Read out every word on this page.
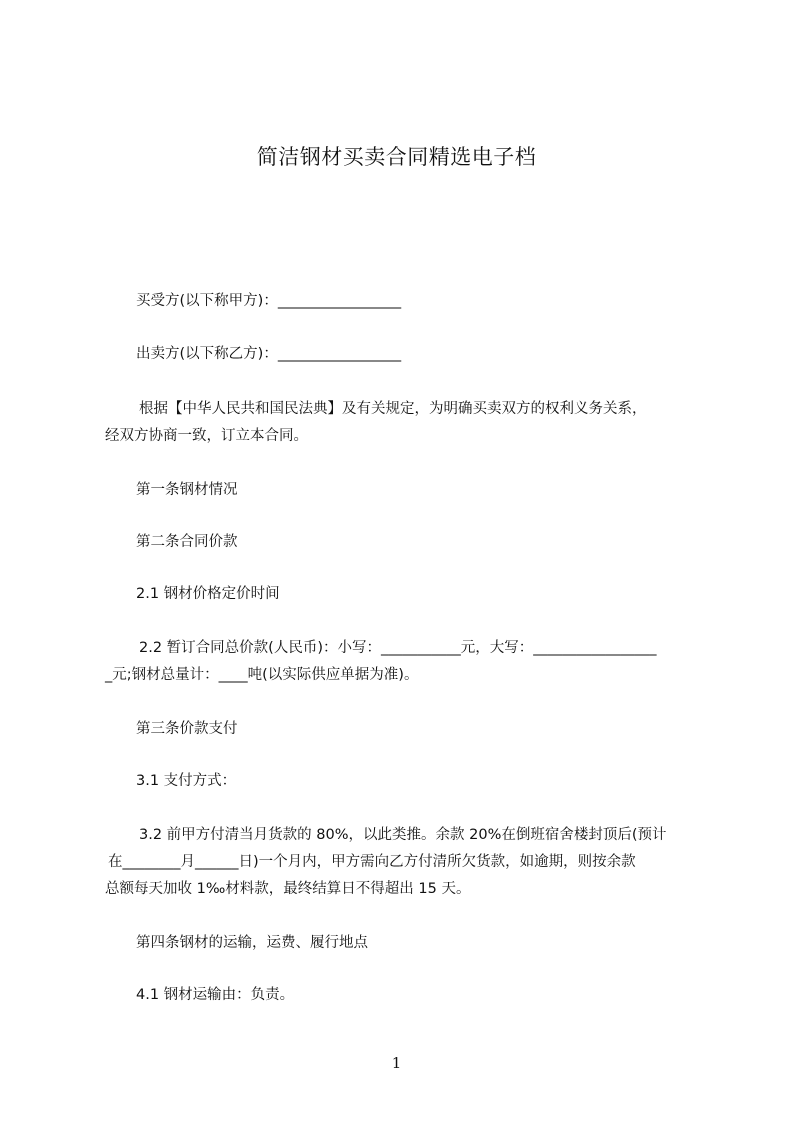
简洁钢材买卖合同精选电子档
买受方(以下称甲方)：_________________
出卖方(以下称乙方)：_________________
根据【中华人民共和国民法典】及有关规定，为明确买卖双方的权利义务关系，
经双方协商一致，订立本合同。
第一条钢材情况
第二条合同价款
2.1 钢材价格定价时间
2.2 暂订合同总价款(人民币)：小写：___________元，大写：_________________
_元;钢材总量计：____吨(以实际供应单据为准)。
第三条价款支付
3.1 支付方式：
3.2 前甲方付清当月货款的 80%，以此类推。余款 20%在倒班宿舍楼封顶后(预计
在________月______日)一个月内，甲方需向乙方付清所欠货款，如逾期，则按余款
总额每天加收 1‰材料款，最终结算日不得超出 15 天。
第四条钢材的运输，运费、履行地点
4.1 钢材运输由：负责。
1
